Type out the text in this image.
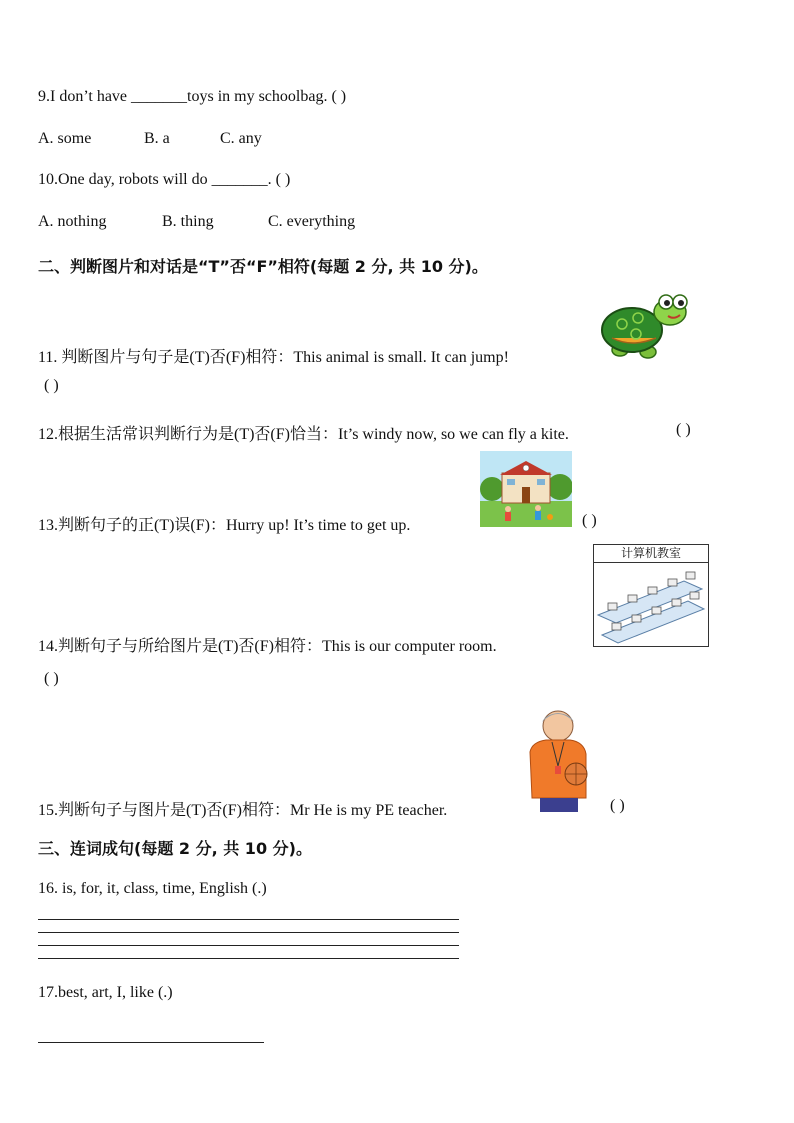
9.I don’t have _______toys in my schoolbag. ( )
A. some	B. a	C. any
10.One day, robots will do _______. ( )
A. nothing	B. thing	C. everything
二、判断图片和对话是“T”否“F”相符(每题 2 分, 共 10 分)。
11. 判断图片与句子是(T)否(F)相符：This animal is small. It can jump!
( )
12.根据生活常识判断行为是(T)否(F)恰当：It’s windy now, so we can fly a kite.	( )
13.判断句子的正(T)误(F)：Hurry up! It’s time to get up.	( )
14.判断句子与所给图片是(T)否(F)相符：This is our computer room.
( )
计算机教室
15.判断句子与图片是(T)否(F)相符：Mr He is my PE teacher.	( )
三、连词成句(每题 2 分, 共 10 分)。
16. is, for, it, class, time, English (.)
17.best, art, I, like (.)
